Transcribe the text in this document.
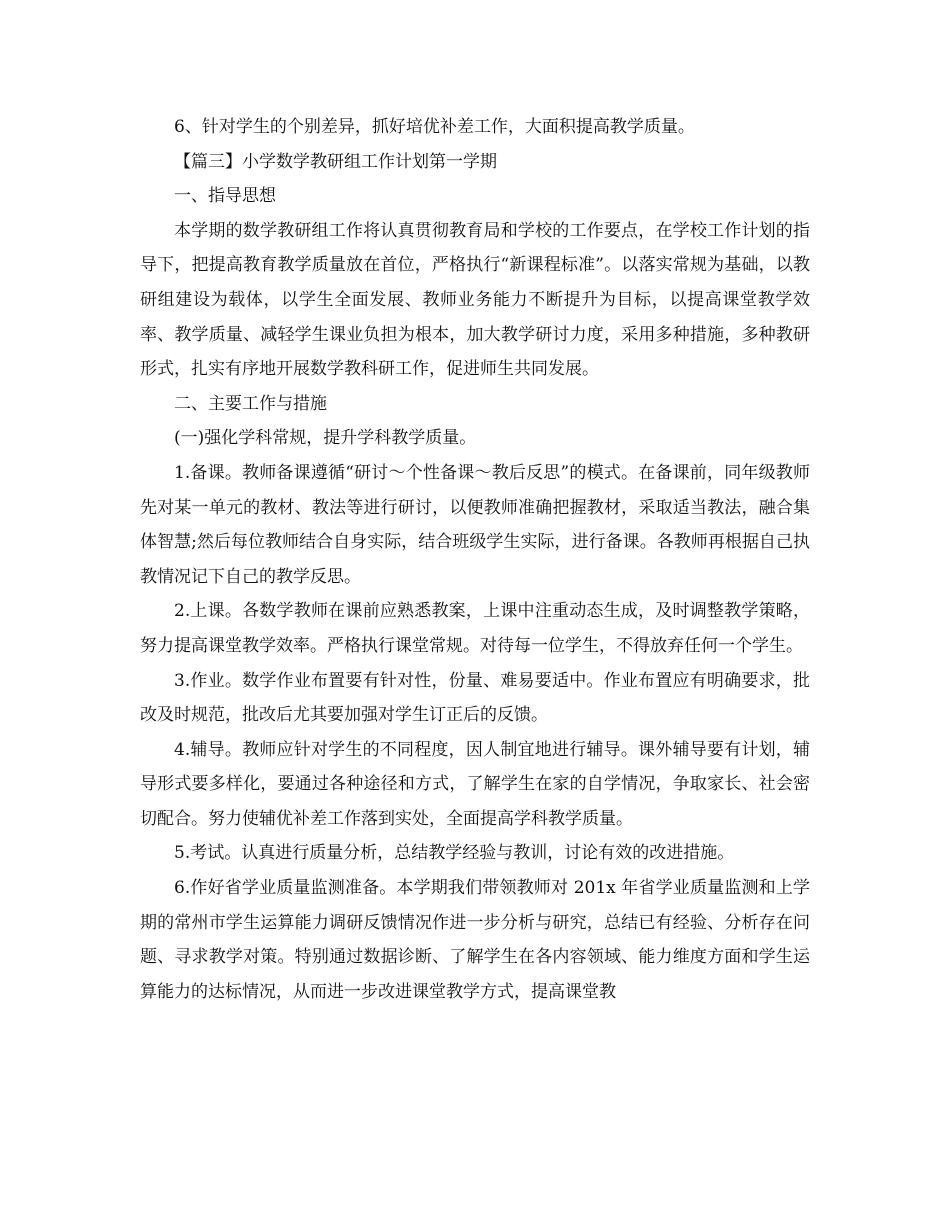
6、针对学生的个别差异，抓好培优补差工作，大面积提高教学质量。

【篇三】小学数学教研组工作计划第一学期

一、指导思想

本学期的数学教研组工作将认真贯彻教育局和学校的工作要点，在学校工作计划的指导下，把提高教育教学质量放在首位，严格执行“新课程标准”。以落实常规为基础，以教研组建设为载体，以学生全面发展、教师业务能力不断提升为目标，以提高课堂教学效率、教学质量、减轻学生课业负担为根本，加大教学研讨力度，采用多种措施，多种教研形式，扎实有序地开展数学教科研工作，促进师生共同发展。

二、主要工作与措施

(一)强化学科常规，提升学科教学质量。

1.备课。教师备课遵循“研讨～个性备课～教后反思”的模式。在备课前，同年级教师先对某一单元的教材、教法等进行研讨，以便教师准确把握教材，采取适当教法，融合集体智慧;然后每位教师结合自身实际，结合班级学生实际，进行备课。各教师再根据自己执教情况记下自己的教学反思。

2.上课。各数学教师在课前应熟悉教案，上课中注重动态生成，及时调整教学策略，努力提高课堂教学效率。严格执行课堂常规。对待每一位学生，不得放弃任何一个学生。

3.作业。数学作业布置要有针对性，份量、难易要适中。作业布置应有明确要求，批改及时规范，批改后尤其要加强对学生订正后的反馈。

4.辅导。教师应针对学生的不同程度，因人制宜地进行辅导。课外辅导要有计划，辅导形式要多样化，要通过各种途径和方式，了解学生在家的自学情况，争取家长、社会密切配合。努力使辅优补差工作落到实处，全面提高学科教学质量。

5.考试。认真进行质量分析，总结教学经验与教训，讨论有效的改进措施。

6.作好省学业质量监测准备。本学期我们带领教师对 201x 年省学业质量监测和上学期的常州市学生运算能力调研反馈情况作进一步分析与研究，总结已有经验、分析存在问题、寻求教学对策。特别通过数据诊断、了解学生在各内容领域、能力维度方面和学生运算能力的达标情况，从而进一步改进课堂教学方式，提高课堂教
